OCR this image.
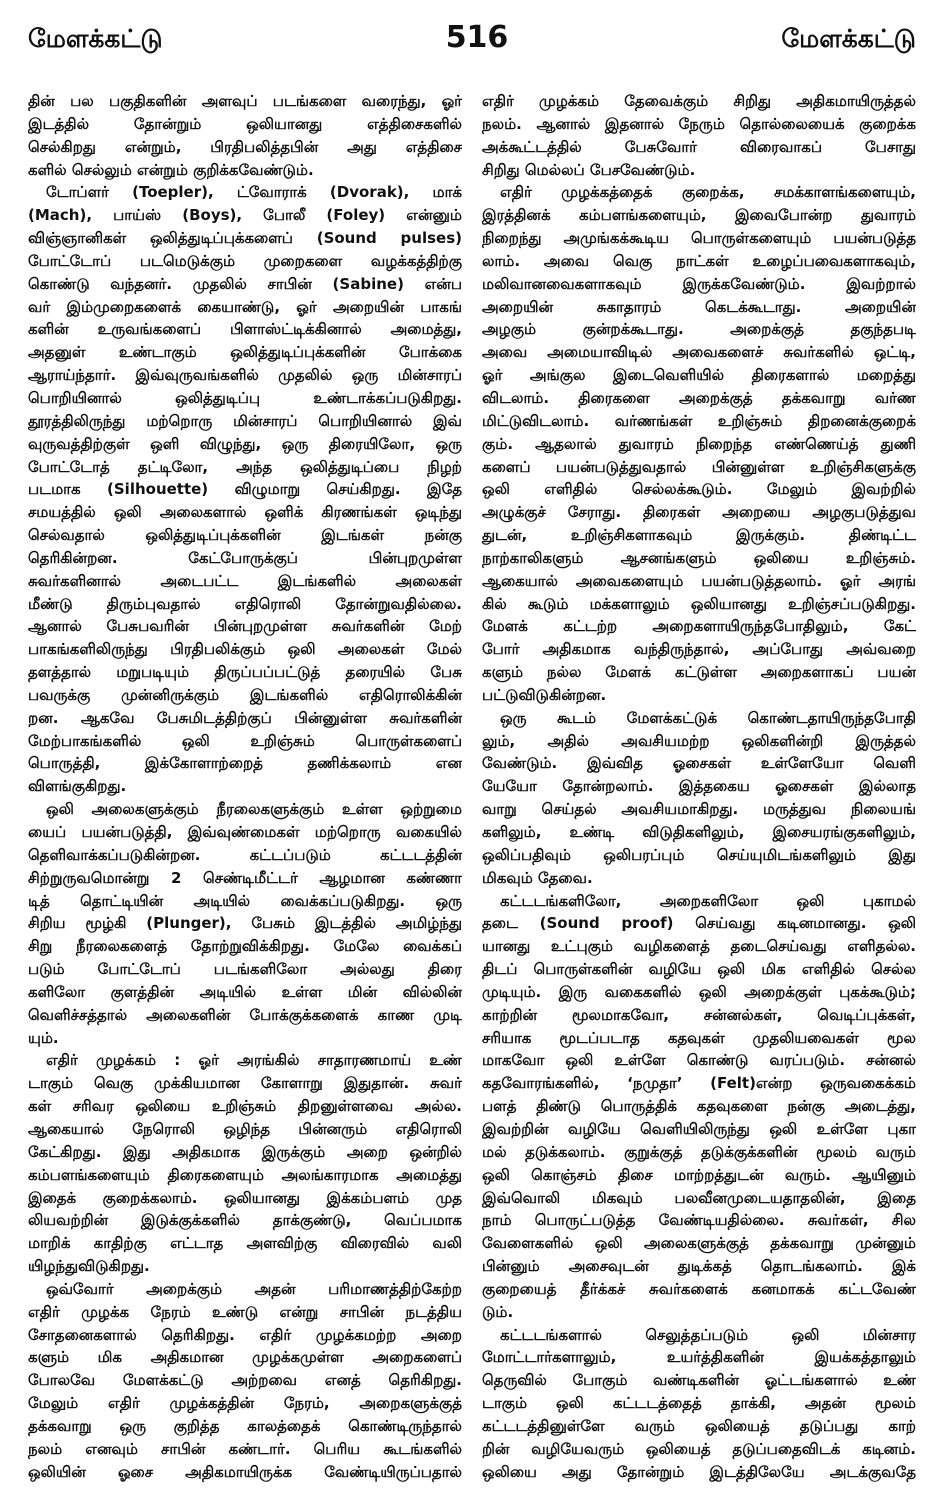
மேளக்கட்டு	516	மேளக்கட்டு
தின் பல பகுதிகளின் அளவுப் படங்களை வரைந்து, ஓர்
இடத்தில் தோன்றும் ஒலியானது எத்திசைகளில்
செல்கிறது என்றும், பிரதிபலித்தபின் அது எத்திசை
களில் செல்லும் என்றும் குறிக்கவேண்டும்.
டோப்ளர் (Toepler), ட்வோராக் (Dvorak), மாக்
(Mach), பாய்ஸ் (Boys), போலீ (Foley) என்னும்
விஞ்ஞானிகள் ஒலித்துடிப்புக்களைப் (Sound pulses)
போட்டோப் படமெடுக்கும் முறைகளை வழக்கத்திற்கு
கொண்டு வந்தனர். முதலில் சாபின் (Sabine) என்ப
வர் இம்முறைகளைக் கையாண்டு, ஓர் அறையின் பாகங்
களின் உருவங்களைப் பிளாஸ்ட்டிக்கினால் அமைத்து,
அதனுள் உண்டாகும் ஒலித்துடிப்புக்களின் போக்கை
ஆராய்ந்தார். இவ்வுருவங்களில் முதலில் ஒரு மின்சாரப்
பொறியினால் ஒலித்துடிப்பு உண்டாக்கப்படுகிறது.
தூரத்திலிருந்து மற்றொரு மின்சாரப் பொறியினால் இவ்
வுருவத்திற்குள் ஒளி விழுந்து, ஒரு திரையிலோ, ஒரு
போட்டோத் தட்டிலோ, அந்த ஒலித்துடிப்பை நிழற்
படமாக (Silhouette) விழுமாறு செய்கிறது. இதே
சமயத்தில் ஒலி அலைகளால் ஒளிக் கிரணங்கள் ஒடிந்து
செல்வதால் ஒலித்துடிப்புக்களின் இடங்கள் நன்கு
தெரிகின்றன. கேட்போருக்குப் பின்புறமுள்ள
சுவர்களினால் அடைபட்ட இடங்களில் அலைகள்
மீண்டு திரும்புவதால் எதிரொலி தோன்றுவதில்லை.
ஆனால் பேசுபவரின் பின்புறமுள்ள சுவர்களின் மேற்
பாகங்களிலிருந்து பிரதிபலிக்கும் ஒலி அலைகள் மேல்
தளத்தால் மறுபடியும் திருப்பப்பட்டுத் தரையில் பேசு
பவருக்கு முன்னிருக்கும் இடங்களில் எதிரொலிக்கின்
றன. ஆகவே பேசுமிடத்திற்குப் பின்னுள்ள சுவர்களின்
மேற்பாகங்களில் ஒலி உறிஞ்சும் பொருள்களைப்
பொருத்தி, இக்கோளாற்றைத் தணிக்கலாம் என
விளங்குகிறது.
ஒலி அலைகளுக்கும் நீரலைகளுக்கும் உள்ள ஒற்றுமை
யைப் பயன்படுத்தி, இவ்வுண்மைகள் மற்றொரு வகையில்
தெளிவாக்கப்படுகின்றன. கட்டப்படும் கட்டடத்தின்
சிற்றுருவமொன்று 2 செண்டிமீட்டர் ஆழமான கண்ணா
டித் தொட்டியின் அடியில் வைக்கப்படுகிறது. ஒரு
சிறிய மூழ்கி (Plunger), பேசும் இடத்தில் அமிழ்ந்து
சிறு நீரலைகளைத் தோற்றுவிக்கிறது. மேலே வைக்கப்
படும் போட்டோப் படங்களிலோ அல்லது திரை
களிலோ குளத்தின் அடியில் உள்ள மின் வில்லின்
வெளிச்சத்தால் அலைகளின் போக்குக்களைக் காண முடி
யும்.
எதிர் முழக்கம் : ஓர் அரங்கில் சாதாரணமாய் உண்
டாகும் வெகு முக்கியமான கோளாறு இதுதான். சுவர்
கள் சரிவர ஒலியை உறிஞ்சும் திறனுள்ளவை அல்ல.
ஆகையால் நேரொலி ஒழிந்த பின்னரும் எதிரொலி
கேட்கிறது. இது அதிகமாக இருக்கும் அறை ஒன்றில்
கம்பளங்களையும் திரைகளையும் அலங்காரமாக அமைத்து
இதைக் குறைக்கலாம். ஒலியானது இக்கம்பளம் முத
லியவற்றின் இடுக்குக்களில் தாக்குண்டு, வெப்பமாக
மாறிக் காதிற்கு எட்டாத அளவிற்கு விரைவில் வலி
யிழந்துவிடுகிறது.
ஒவ்வோர் அறைக்கும் அதன் பரிமாணத்திற்கேற்ற
எதிர் முழக்க நேரம் உண்டு என்று சாபின் நடத்திய
சோதனைகளால் தெரிகிறது. எதிர் முழக்கமற்ற அறை
களும் மிக அதிகமான முழக்கமுள்ள அறைகளைப்
போலவே மேளக்கட்டு அற்றவை எனத் தெரிகிறது.
மேலும் எதிர் முழக்கத்தின் நேரம், அறைகளுக்குத்
தக்கவாறு ஒரு குறித்த காலத்தைக் கொண்டிருந்தால்
நலம் எனவும் சாபின் கண்டார். பெரிய கூடங்களில்
ஒலியின் ஓசை அதிகமாயிருக்க வேண்டியிருப்பதால்
எதிர் முழக்கம் தேவைக்கும் சிறிது அதிகமாயிருத்தல்
நலம். ஆனால் இதனால் நேரும் தொல்லையைக் குறைக்க
அக்கூட்டத்தில் பேசுவோர் விரைவாகப் பேசாது
சிறிது மெல்லப் பேசவேண்டும்.
எதிர் முழக்கத்தைக் குறைக்க, சமக்காளங்களையும்,
இரத்தினக் கம்பளங்களையும், இவைபோன்ற துவாரம்
நிறைந்து அமுங்கக்கூடிய பொருள்களையும் பயன்படுத்த
லாம். அவை வெகு நாட்கள் உழைப்பவைகளாகவும்,
மலிவானவைகளாகவும் இருக்கவேண்டும். இவற்றால்
அறையின் சுகாதாரம் கெடக்கூடாது. அறையின்
அழகும் குன்றக்கூடாது. அறைக்குத் தகுந்தபடி
அவை அமையாவிடில் அவைகளைச் சுவர்களில் ஒட்டி,
ஓர் அங்குல இடைவெளியில் திரைகளால் மறைத்து
விடலாம். திரைகளை அறைக்குத் தக்கவாறு வர்ண
மிட்டுவிடலாம். வர்ணங்கள் உறிஞ்சும் திறனைக்குறைக்
கும். ஆதலால் துவாரம் நிறைந்த எண்ணெய்த் துணி
களைப் பயன்படுத்துவதால் பின்னுள்ள உறிஞ்சிகளுக்கு
ஒலி எளிதில் செல்லக்கூடும். மேலும் இவற்றில்
அழுக்குச் சேராது. திரைகள் அறையை அழகுபடுத்துவ
துடன், உறிஞ்சிகளாகவும் இருக்கும். திண்டிட்ட
நாற்காலிகளும் ஆசனங்களும் ஒலியை உறிஞ்சும்.
ஆகையால் அவைகளையும் பயன்படுத்தலாம். ஓர் அரங்
கில் கூடும் மக்களாலும் ஒலியானது உறிஞ்சப்படுகிறது.
மேளக் கட்டற்ற அறைகளாயிருந்தபோதிலும், கேட்
போர் அதிகமாக வந்திருந்தால், அப்போது அவ்வறை
களும் நல்ல மேளக் கட்டுள்ள அறைகளாகப் பயன்
பட்டுவிடுகின்றன.
ஒரு கூடம் மேளக்கட்டுக் கொண்டதாயிருந்தபோதி
லும், அதில் அவசியமற்ற ஒலிகளின்றி இருத்தல்
வேண்டும். இவ்வித ஓசைகள் உள்ளேயோ வெளி
யேயோ தோன்றலாம். இத்தகைய ஓசைகள் இல்லாத
வாறு செய்தல் அவசியமாகிறது. மருத்துவ நிலையங்
களிலும், உண்டி விடுதிகளிலும், இசையரங்குகளிலும்,
ஒலிப்பதிவும் ஒலிபரப்பும் செய்யுமிடங்களிலும் இது
மிகவும் தேவை.
கட்டடங்களிலோ, அறைகளிலோ ஒலி புகாமல்
தடை (Sound proof) செய்வது கடினமானது. ஒலி
யானது உட்புகும் வழிகளைத் தடைசெய்வது எளிதல்ல.
திடப் பொருள்களின் வழியே ஒலி மிக எளிதில் செல்ல
முடியும். இரு வகைகளில் ஒலி அறைக்குள் புகக்கூடும்;
காற்றின் மூலமாகவோ, சன்னல்கள், வெடிப்புக்கள்,
சரியாக மூடப்படாத கதவுகள் முதலியவைகள் மூல
மாகவோ ஒலி உள்ளே கொண்டு வரப்படும். சன்னல்
கதவோரங்களில், ‘நமுதா’ (Felt)என்ற ஒருவகைக்கம்
பளத் திண்டு பொருத்திக் கதவுகளை நன்கு அடைத்து,
இவற்றின் வழியே வெளியிலிருந்து ஒலி உள்ளே புகா
மல் தடுக்கலாம். குறுக்குத் தடுக்குக்களின் மூலம் வரும்
ஒலி கொஞ்சம் திசை மாற்றத்துடன் வரும். ஆயினும்
இவ்வொலி மிகவும் பலவீனமுடையதாதலின், இதை
நாம் பொருட்படுத்த வேண்டியதில்லை. சுவர்கள், சில
வேளைகளில் ஒலி அலைகளுக்குத் தக்கவாறு முன்னும்
பின்னும் அசைவுடன் துடிக்கத் தொடங்கலாம். இக்
குறையைத் தீர்க்கச் சுவர்களைக் கனமாகக் கட்டவேண்
டும்.
கட்டடங்களால் செலுத்தப்படும் ஒலி மின்சார
மோட்டார்களாலும், உயர்த்திகளின் இயக்கத்தாலும்
தெருவில் போகும் வண்டிகளின் ஓட்டங்களால் உண்
டாகும் ஒலி கட்டடத்தைத் தாக்கி, அதன் மூலம்
கட்டடத்தினுள்ளே வரும் ஒலியைத் தடுப்பது காற்
றின் வழியேவரும் ஒலியைத் தடுப்பதைவிடக் கடினம்.
ஒலியை அது தோன்றும் இடத்திலேயே அடக்குவதே
